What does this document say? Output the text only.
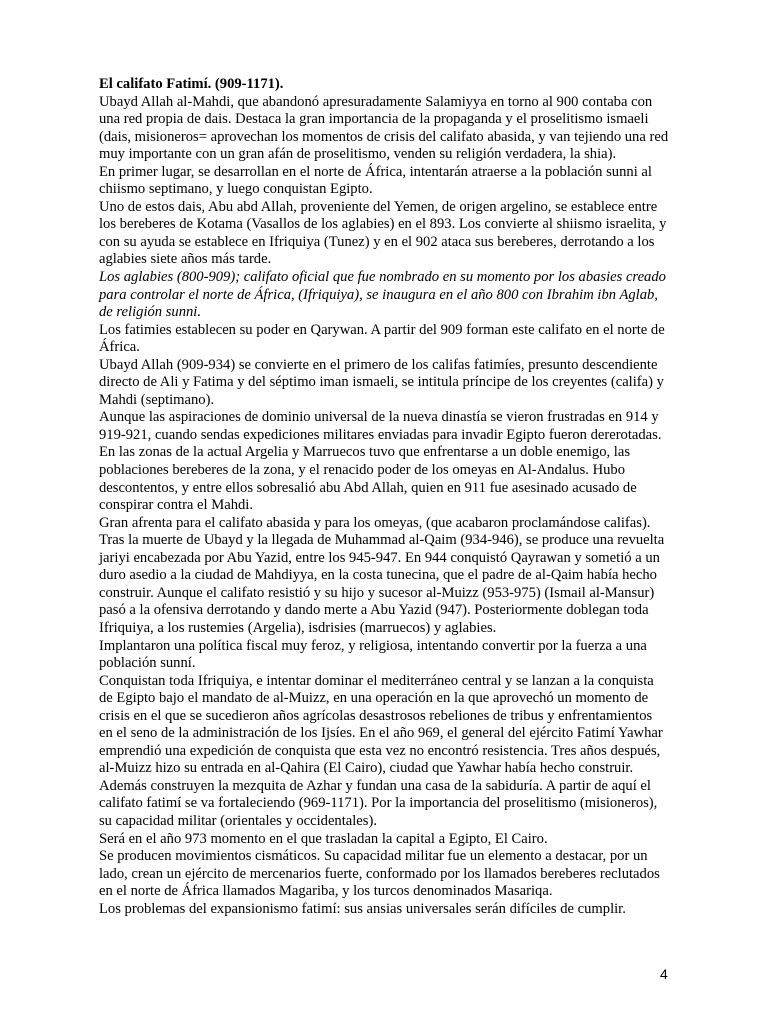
El califato Fatimí. (909-1171).

Ubayd Allah al-Mahdi, que abandonó apresuradamente Salamiyya en torno al 900 contaba con una red propia de dais. Destaca la gran importancia de la propaganda y el proselitismo ismaeli (dais, misioneros= aprovechan los momentos de crisis del califato abasida, y van tejiendo una red muy importante con un gran afán de proselitismo, venden su religión verdadera, la shia).

En primer lugar, se desarrollan en el norte de África, intentarán atraerse a la población sunni al chiismo septimano, y luego conquistan Egipto.

Uno de estos dais, Abu abd Allah, proveniente del Yemen, de origen argelino, se establece entre los bereberes de Kotama (Vasallos de los aglabies) en el 893. Los convierte al shiismo israelita, y con su ayuda se establece en Ifriquiya (Tunez) y en el 902 ataca sus bereberes, derrotando a los aglabies siete años más tarde.

Los aglabies (800-909); califato oficial que fue nombrado en su momento por los abasies creado para controlar el norte de África, (Ifriquiya), se inaugura en el año 800 con Ibrahim ibn Aglab, de religión sunni.

Los fatimies establecen su poder en Qarywan. A partir del 909 forman este califato en el norte de África.

Ubayd Allah (909-934) se convierte en el primero de los califas fatimíes, presunto descendiente directo de Ali y Fatima y del séptimo iman ismaeli, se intitula príncipe de los creyentes (califa) y Mahdi (septimano).

Aunque las aspiraciones de dominio universal de la nueva dinastía se vieron frustradas en 914 y 919-921, cuando sendas expediciones militares enviadas para invadir Egipto fueron dererotadas. En las zonas de la actual Argelia y Marruecos tuvo que enfrentarse a un doble enemigo, las poblaciones bereberes de la zona, y el renacido poder de los omeyas en Al-Andalus. Hubo descontentos, y entre ellos sobresalió abu Abd Allah, quien en 911 fue asesinado acusado de conspirar contra el Mahdi.

Gran afrenta para el califato abasida y para los omeyas, (que acabaron proclamándose califas).

Tras la muerte de Ubayd y la llegada de Muhammad al-Qaim (934-946), se produce una revuelta jariyi encabezada por Abu Yazid, entre los 945-947. En 944 conquistó Qayrawan y sometió a un duro asedio a la ciudad de Mahdiyya, en la costa tunecina, que el padre de al-Qaim había hecho construir. Aunque el califato resistió y su hijo y sucesor al-Muizz (953-975) (Ismail al-Mansur) pasó a la ofensiva derrotando y dando merte a Abu Yazid (947). Posteriormente doblegan toda Ifriquiya, a los rustemies (Argelia), isdrisies (marruecos) y aglabies.

Implantaron una política fiscal muy feroz, y religiosa, intentando convertir por la fuerza a una población sunní.

Conquistan toda Ifriquiya, e intentar dominar el mediterráneo central y se lanzan a la conquista de Egipto bajo el mandato de al-Muizz, en una operación en la que aprovechó un momento de crisis en el que se sucedieron años agrícolas desastrosos rebeliones de tribus y enfrentamientos en el seno de la administración de los Ijsíes. En el año 969, el general del ejército Fatimí Yawhar emprendió una expedición de conquista que esta vez no encontró resistencia. Tres años después, al-Muizz hizo su entrada en al-Qahira (El Cairo), ciudad que Yawhar había hecho construir. Además construyen la mezquita de Azhar y fundan una casa de la sabiduría. A partir de aquí el califato fatimí se va fortaleciendo (969-1171). Por la importancia del proselitismo (misioneros), su capacidad militar (orientales y occidentales).

Será en el año 973 momento en el que trasladan la capital a Egipto, El Cairo.

Se producen movimientos cismáticos. Su capacidad militar fue un elemento a destacar, por un lado, crean un ejército de mercenarios fuerte, conformado por los llamados bereberes reclutados en el norte de África llamados Magariba, y los turcos denominados Masariqa.

Los problemas del expansionismo fatimí: sus ansias universales serán difíciles de cumplir.

4
